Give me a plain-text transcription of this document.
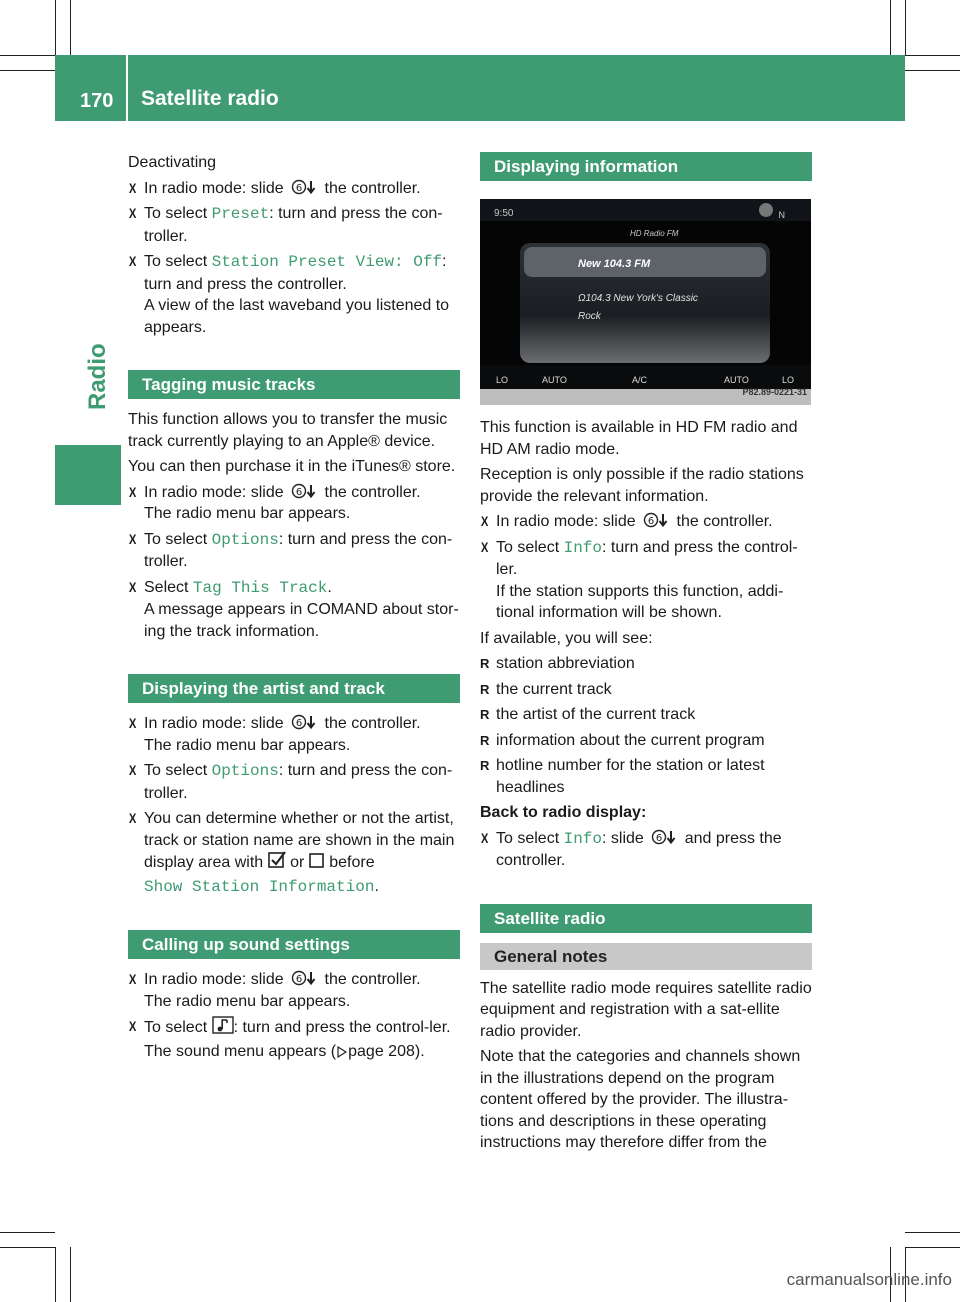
170 Satellite radio
Radio

Deactivating

X In radio mode: slide 6 the controller.

X To select Preset: turn and press the con-troller.

X To select Station Preset View: Off:
turn and press the controller.
A view of the last waveband you listened to appears.

Tagging music tracks

This function allows you to transfer the music track currently playing to an Apple® device.

You can then purchase it in the iTunes® store.

X In radio mode: slide 6 the controller.
The radio menu bar appears.

X To select Options: turn and press the con-troller.

X Select Tag This Track.
A message appears in COMAND about stor-ing the track information.

Displaying the artist and track

X In radio mode: slide 6 the controller.
The radio menu bar appears.

X To select Options: turn and press the con-troller.

X You can determine whether or not the artist, track or station name are shown in the main display area with or before
Show Station Information.

Calling up sound settings

X In radio mode: slide 6 the controller.
The radio menu bar appears.

X To select : turn and press the control-ler.
The sound menu appears ( page 208).

Displaying information
9:50
HD Radio FM
N
New 104.3 FM
Ω104.3 New York's Classic
Rock
LO	AUTO	A/C	AUTO	LO
P82.89-0221-31

This function is available in HD FM radio and HD AM radio mode.

Reception is only possible if the radio stations provide the relevant information.

X In radio mode: slide 6 the controller.

X To select Info: turn and press the control-ler.
If the station supports this function, addi-tional information will be shown.

If available, you will see:

R station abbreviation

R the current track

R the artist of the current track

R information about the current program

R hotline number for the station or latest headlines

Back to radio display:

X To select Info: slide 6 and press the controller.

Satellite radio
General notes

The satellite radio mode requires satellite radio equipment and registration with a sat-ellite radio provider.

Note that the categories and channels shown in the illustrations depend on the program content offered by the provider. The illustra-tions and descriptions in these operating instructions may therefore differ from the

carmanualsonline.info
